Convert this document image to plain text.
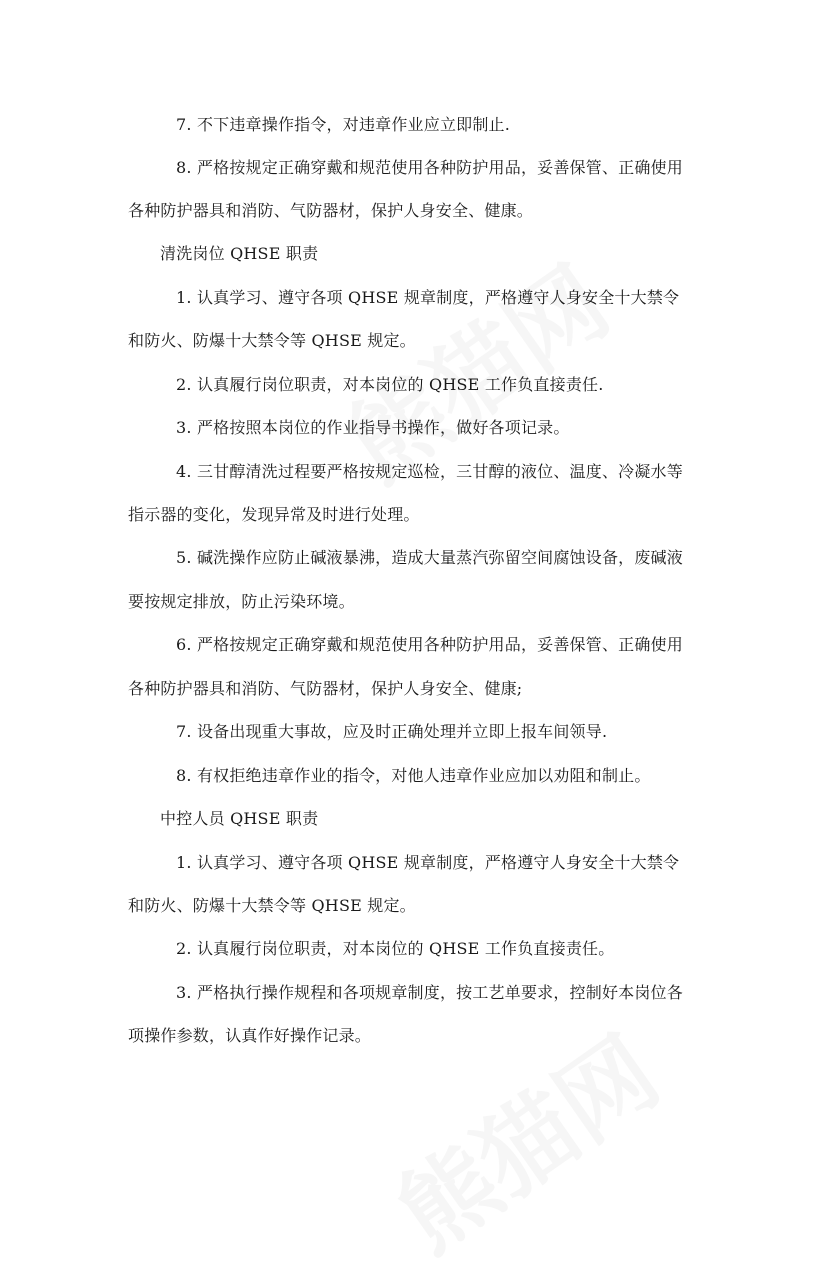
7. 不下违章操作指令，对违章作业应立即制止.
8. 严格按规定正确穿戴和规范使用各种防护用品，妥善保管、正确使用
各种防护器具和消防、气防器材，保护人身安全、健康。
清洗岗位 QHSE 职责
1. 认真学习、遵守各项 QHSE 规章制度，严格遵守人身安全十大禁令
和防火、防爆十大禁令等 QHSE 规定。
2. 认真履行岗位职责，对本岗位的 QHSE 工作负直接责任.
3. 严格按照本岗位的作业指导书操作，做好各项记录。
4. 三甘醇清洗过程要严格按规定巡检，三甘醇的液位、温度、冷凝水等
指示器的变化，发现异常及时进行处理。
5. 碱洗操作应防止碱液暴沸，造成大量蒸汽弥留空间腐蚀设备，废碱液
要按规定排放，防止污染环境。
6. 严格按规定正确穿戴和规范使用各种防护用品，妥善保管、正确使用
各种防护器具和消防、气防器材，保护人身安全、健康;
7. 设备出现重大事故，应及时正确处理并立即上报车间领导.
8. 有权拒绝违章作业的指令，对他人违章作业应加以劝阻和制止。
中控人员 QHSE 职责
1. 认真学习、遵守各项 QHSE 规章制度，严格遵守人身安全十大禁令
和防火、防爆十大禁令等 QHSE 规定。
2. 认真履行岗位职责，对本岗位的 QHSE 工作负直接责任。
3. 严格执行操作规程和各项规章制度，按工艺单要求，控制好本岗位各
项操作参数，认真作好操作记录。
